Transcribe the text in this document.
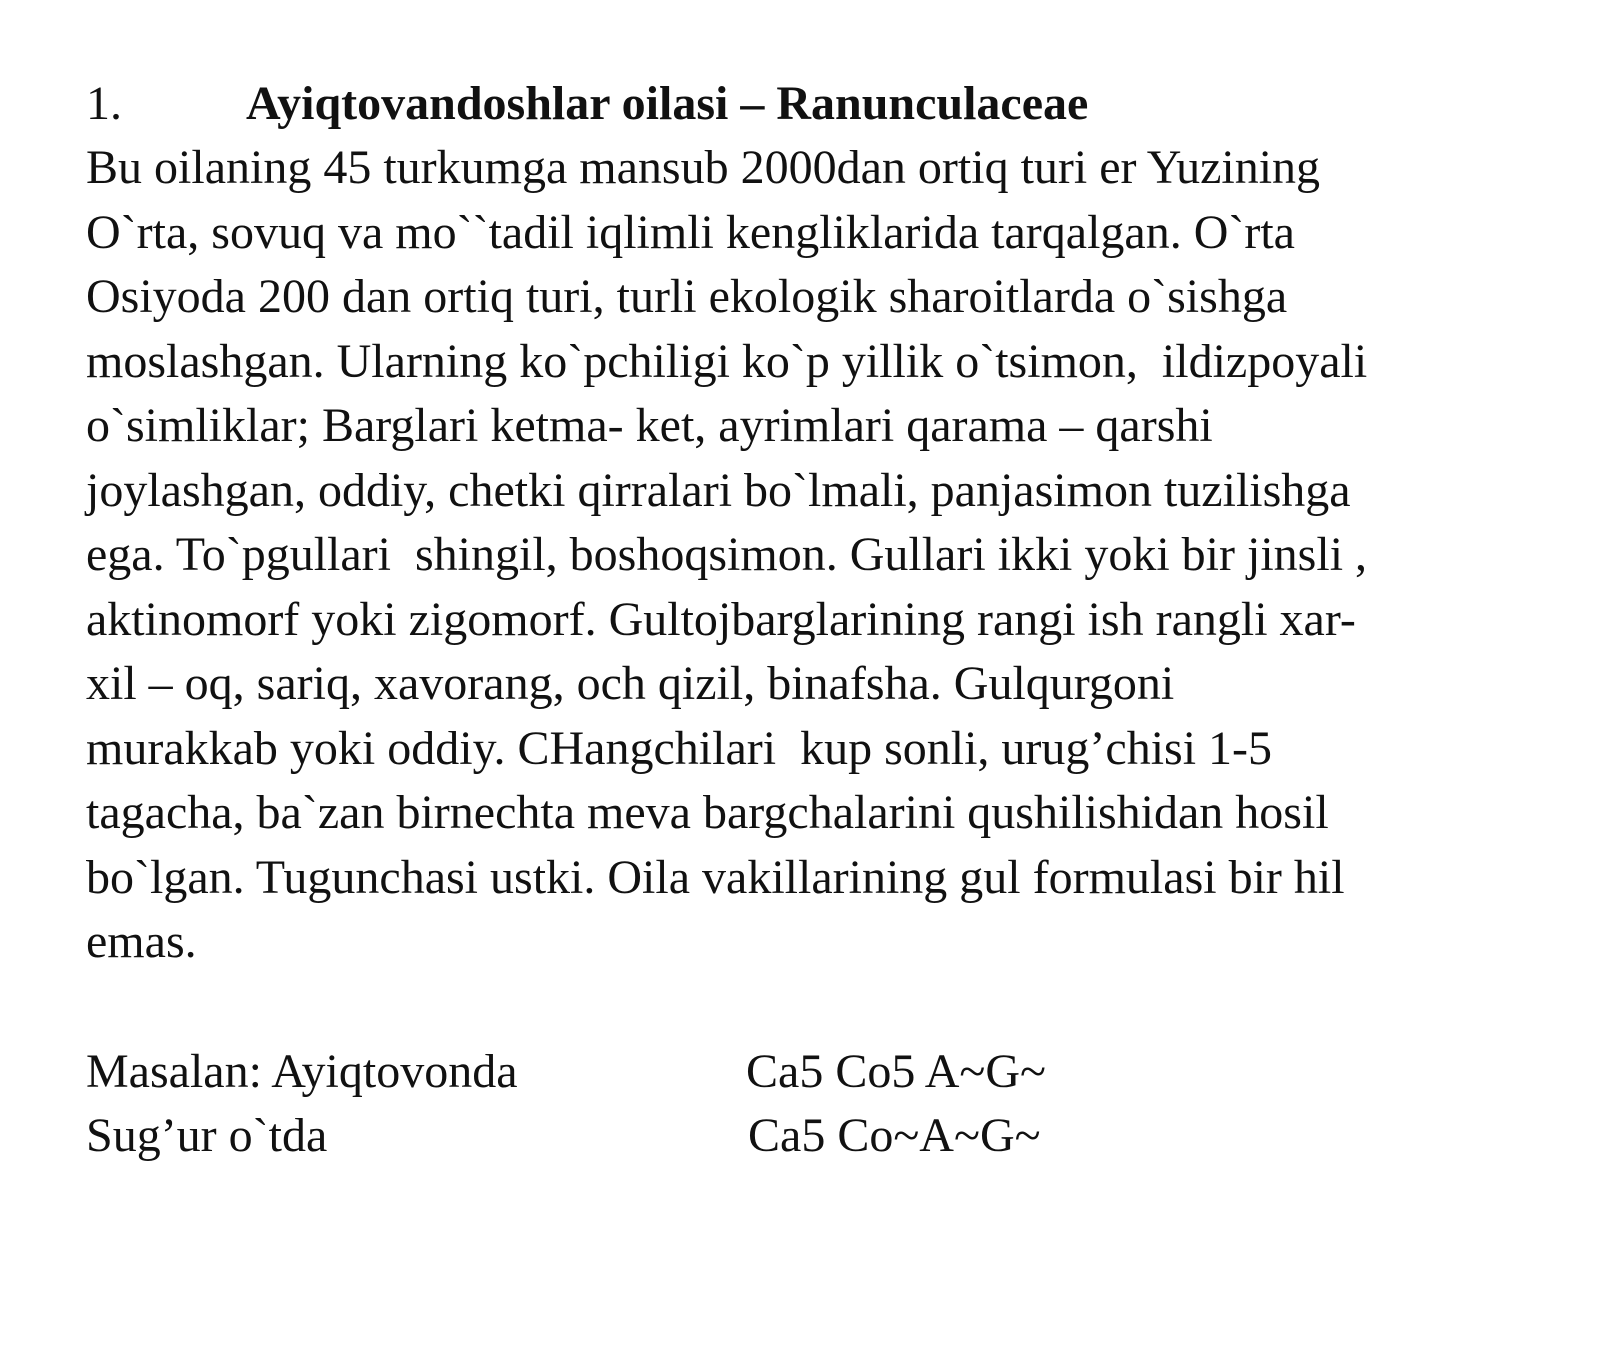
1.	Ayiqtovandoshlar oilasi – Ranunculaceae
Bu oilaning 45 turkumga mansub 2000dan ortiq turi er Yuzining
O`rta, sovuq va mo``tadil iqlimli kengliklarida tarqalgan. O`rta
Osiyoda 200 dan ortiq turi, turli ekologik sharoitlarda o`sishga
moslashgan. Ularning ko`pchiligi ko`p yillik o`tsimon,  ildizpoyali
o`simliklar; Barglari ketma- ket, ayrimlari qarama – qarshi
joylashgan, oddiy, chetki qirralari bo`lmali, panjasimon tuzilishga
ega. To`pgullari  shingil, boshoqsimon. Gullari ikki yoki bir jinsli ,
aktinomorf yoki zigomorf. Gultojbarglarining rangi ish rangli xar-
xil – oq, sariq, xavorang, och qizil, binafsha. Gulqurgoni
murakkab yoki oddiy. CHangchilari  kup sonli, urug’chisi 1-5
tagacha, ba`zan birnechta meva bargchalarini qushilishidan hosil
bo`lgan. Tugunchasi ustki. Oila vakillarining gul formulasi bir hil
emas.

Masalan: Ayiqtovonda

	Ca5 Co5 A~G~

Sug’ur o`tda

	Ca5 Co~A~G~
